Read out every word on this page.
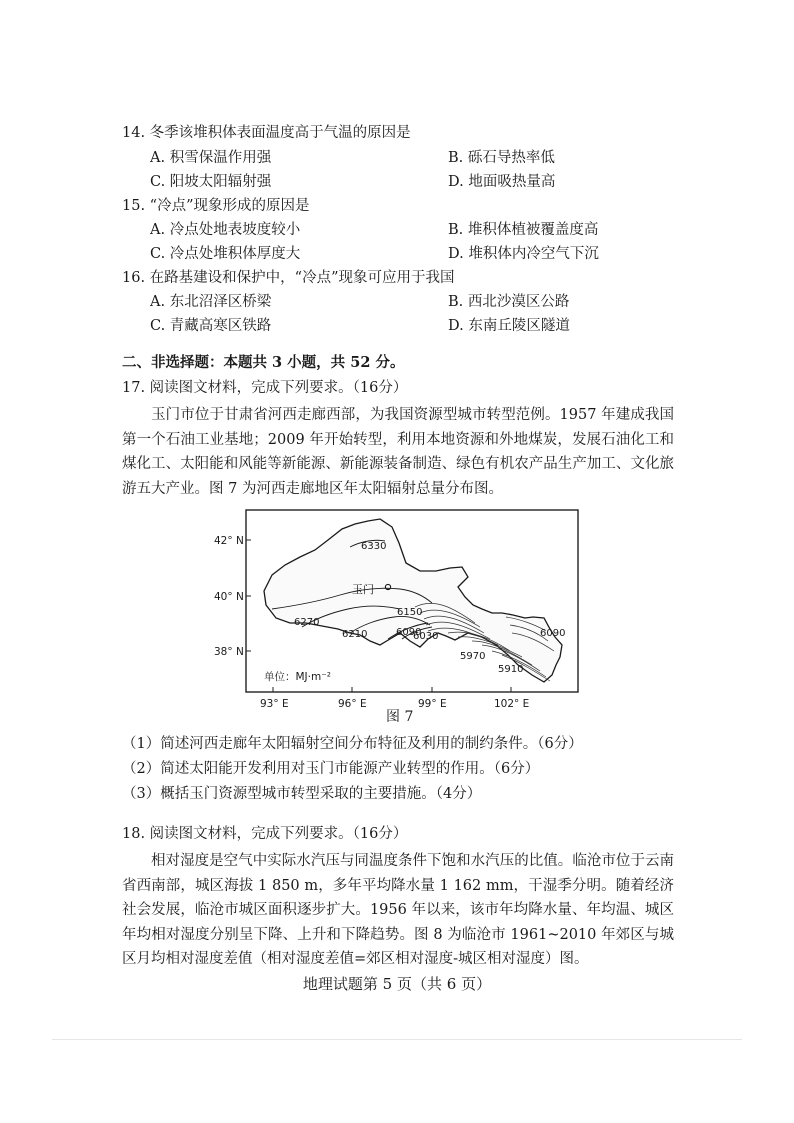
14. 冬季该堆积体表面温度高于气温的原因是
A. 积雪保温作用强	B. 砾石导热率低
C. 阳坡太阳辐射强	D. 地面吸热量高
15. “冷点”现象形成的原因是
A. 冷点处地表坡度较小	B. 堆积体植被覆盖度高
C. 冷点处堆积体厚度大	D. 堆积体内冷空气下沉
16. 在路基建设和保护中，“冷点”现象可应用于我国
A. 东北沼泽区桥梁	B. 西北沙漠区公路
C. 青藏高寒区铁路	D. 东南丘陵区隧道
二、非选择题：本题共 3 小题，共 52 分。
17. 阅读图文材料，完成下列要求。（16分）
玉门市位于甘肃省河西走廊西部，为我国资源型城市转型范例。1957 年建成我国第一个石油工业基地；2009 年开始转型，利用本地资源和外地煤炭，发展石油化工和煤化工、太阳能和风能等新能源、新能源装备制造、绿色有机农产品生产加工、文化旅游五大产业。图 7 为河西走廊地区年太阳辐射总量分布图。
玉门
6330
6270
6210
6150
6090
6030
5970
5910
6090
单位：MJ·m⁻²
42° N
40° N
38° N
93° E	96° E	99° E	102° E
图 7
（1）简述河西走廊年太阳辐射空间分布特征及利用的制约条件。（6分）
（2）简述太阳能开发利用对玉门市能源产业转型的作用。（6分）
（3）概括玉门资源型城市转型采取的主要措施。（4分）
18. 阅读图文材料，完成下列要求。（16分）
相对湿度是空气中实际水汽压与同温度条件下饱和水汽压的比值。临沧市位于云南省西南部，城区海拔 1 850 m，多年平均降水量 1 162 mm，干湿季分明。随着经济社会发展，临沧市城区面积逐步扩大。1956 年以来，该市年均降水量、年均温、城区年均相对湿度分别呈下降、上升和下降趋势。图 8 为临沧市 1961~2010 年郊区与城区月均相对湿度差值（相对湿度差值=郊区相对湿度-城区相对湿度）图。
地理试题第 5 页（共 6 页）
